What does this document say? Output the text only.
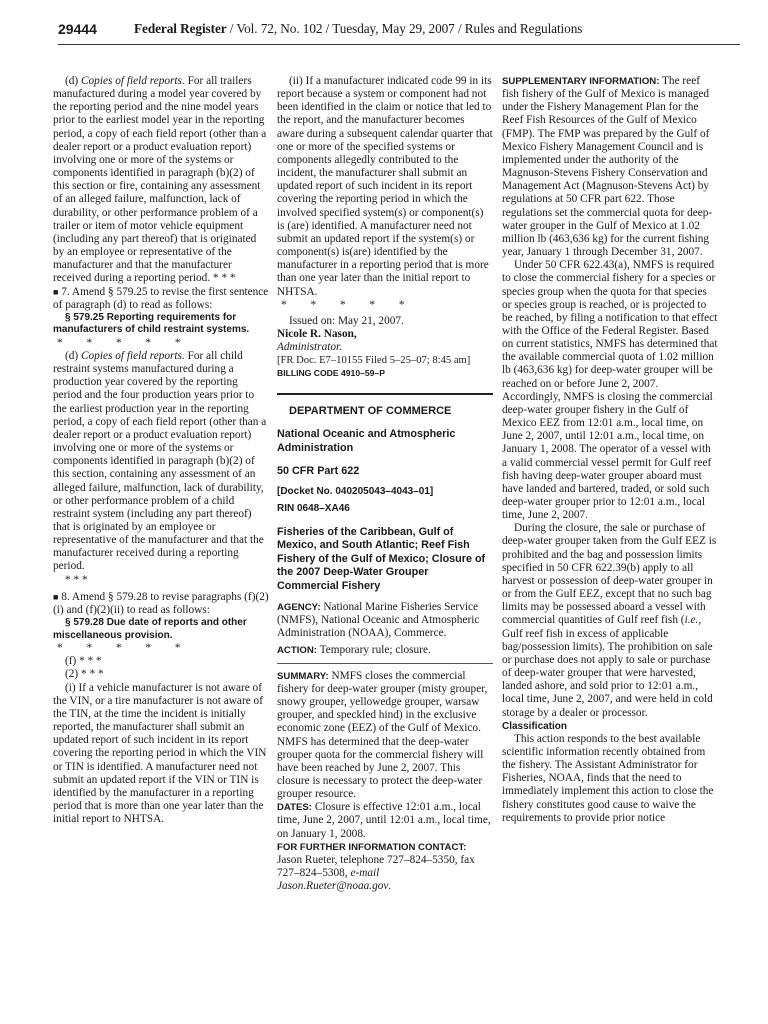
29444	Federal Register / Vol. 72, No. 102 / Tuesday, May 29, 2007 / Rules and Regulations

(d) Copies of field reports. For all trailers manufactured during a model year covered by the reporting period and the nine model years prior to the earliest model year in the reporting period, a copy of each field report (other than a dealer report or a product evaluation report) involving one or more of the systems or components identified in paragraph (b)(2) of this section or fire, containing any assessment of an alleged failure, malfunction, lack of durability, or other performance problem of a trailer or item of motor vehicle equipment (including any part thereof) that is originated by an employee or representative of the manufacturer and that the manufacturer received during a reporting period. * * *

■ 7. Amend § 579.25 to revise the first sentence of paragraph (d) to read as follows:

§ 579.25 Reporting requirements for manufacturers of child restraint systems.

* * * * *

(d) Copies of field reports. For all child restraint systems manufactured during a production year covered by the reporting period and the four production years prior to the earliest production year in the reporting period, a copy of each field report (other than a dealer report or a product evaluation report) involving one or more of the systems or components identified in paragraph (b)(2) of this section, containing any assessment of an alleged failure, malfunction, lack of durability, or other performance problem of a child restraint system (including any part thereof) that is originated by an employee or representative of the manufacturer and that the manufacturer received during a reporting period.

* * *

■ 8. Amend § 579.28 to revise paragraphs (f)(2)(i) and (f)(2)(ii) to read as follows:

§ 579.28 Due date of reports and other miscellaneous provision.

* * * * *

(f) * * *

(2) * * *

(i) If a vehicle manufacturer is not aware of the VIN, or a tire manufacturer is not aware of the TIN, at the time the incident is initially reported, the manufacturer shall submit an updated report of such incident in its report covering the reporting period in which the VIN or TIN is identified. A manufacturer need not submit an updated report if the VIN or TIN is identified by the manufacturer in a reporting period that is more than one year later than the initial report to NHTSA.

(ii) If a manufacturer indicated code 99 in its report because a system or component had not been identified in the claim or notice that led to the report, and the manufacturer becomes aware during a subsequent calendar quarter that one or more of the specified systems or components allegedly contributed to the incident, the manufacturer shall submit an updated report of such incident in its report covering the reporting period in which the involved specified system(s) or component(s) is (are) identified. A manufacturer need not submit an updated report if the system(s) or component(s) is(are) identified by the manufacturer in a reporting period that is more than one year later than the initial report to NHTSA.

* * * * *

Issued on: May 21, 2007.

Nicole R. Nason,

Administrator.

[FR Doc. E7–10155 Filed 5–25–07; 8:45 am]

BILLING CODE 4910–59–P

DEPARTMENT OF COMMERCE

National Oceanic and Atmospheric Administration

50 CFR Part 622

[Docket No. 040205043–4043–01]

RIN 0648–XA46

Fisheries of the Caribbean, Gulf of Mexico, and South Atlantic; Reef Fish Fishery of the Gulf of Mexico; Closure of the 2007 Deep-Water Grouper Commercial Fishery

AGENCY: National Marine Fisheries Service (NMFS), National Oceanic and Atmospheric Administration (NOAA), Commerce.

ACTION: Temporary rule; closure.

SUMMARY: NMFS closes the commercial fishery for deep-water grouper (misty grouper, snowy grouper, yellowedge grouper, warsaw grouper, and speckled hind) in the exclusive economic zone (EEZ) of the Gulf of Mexico. NMFS has determined that the deep-water grouper quota for the commercial fishery will have been reached by June 2, 2007. This closure is necessary to protect the deep-water grouper resource.

DATES: Closure is effective 12:01 a.m., local time, June 2, 2007, until 12:01 a.m., local time, on January 1, 2008.

FOR FURTHER INFORMATION CONTACT: Jason Rueter, telephone 727–824–5350, fax 727–824–5308, e-mail Jason.Rueter@noaa.gov.

SUPPLEMENTARY INFORMATION: The reef fish fishery of the Gulf of Mexico is managed under the Fishery Management Plan for the Reef Fish Resources of the Gulf of Mexico (FMP). The FMP was prepared by the Gulf of Mexico Fishery Management Council and is implemented under the authority of the Magnuson-Stevens Fishery Conservation and Management Act (Magnuson-Stevens Act) by regulations at 50 CFR part 622. Those regulations set the commercial quota for deep-water grouper in the Gulf of Mexico at 1.02 million lb (463,636 kg) for the current fishing year, January 1 through December 31, 2007.

Under 50 CFR 622.43(a), NMFS is required to close the commercial fishery for a species or species group when the quota for that species or species group is reached, or is projected to be reached, by filing a notification to that effect with the Office of the Federal Register. Based on current statistics, NMFS has determined that the available commercial quota of 1.02 million lb (463,636 kg) for deep-water grouper will be reached on or before June 2, 2007. Accordingly, NMFS is closing the commercial deep-water grouper fishery in the Gulf of Mexico EEZ from 12:01 a.m., local time, on June 2, 2007, until 12:01 a.m., local time, on January 1, 2008. The operator of a vessel with a valid commercial vessel permit for Gulf reef fish having deep-water grouper aboard must have landed and bartered, traded, or sold such deep-water grouper prior to 12:01 a.m., local time, June 2, 2007.

During the closure, the sale or purchase of deep-water grouper taken from the Gulf EEZ is prohibited and the bag and possession limits specified in 50 CFR 622.39(b) apply to all harvest or possession of deep-water grouper in or from the Gulf EEZ, except that no such bag limits may be possessed aboard a vessel with commercial quantities of Gulf reef fish (i.e., Gulf reef fish in excess of applicable bag/possession limits). The prohibition on sale or purchase does not apply to sale or purchase of deep-water grouper that were harvested, landed ashore, and sold prior to 12:01 a.m., local time, June 2, 2007, and were held in cold storage by a dealer or processor.

Classification

This action responds to the best available scientific information recently obtained from the fishery. The Assistant Administrator for Fisheries, NOAA, finds that the need to immediately implement this action to close the fishery constitutes good cause to waive the requirements to provide prior notice
